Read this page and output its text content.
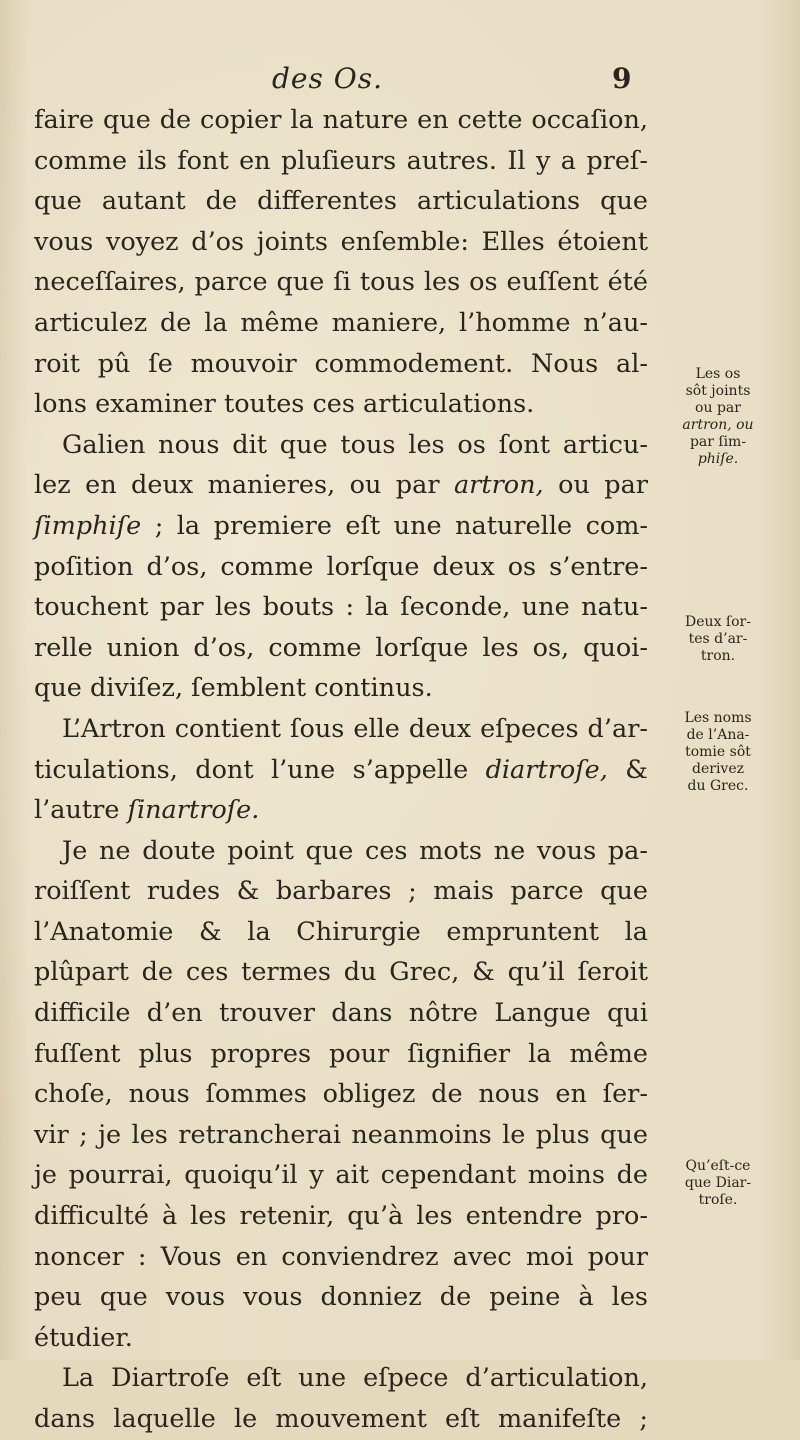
des Os.	9
faire que de copier la nature en cette occaſion,
comme ils font en pluſieurs autres. Il y a preſ-
que autant de differentes articulations que
vous voyez d’os joints enſemble: Elles étoient
neceſſaires, parce que ſi tous les os euſſent été
articulez de la même maniere, l’homme n’au-
roit pû ſe mouvoir commodement. Nous al-
lons examiner toutes ces articulations.
Galien nous dit que tous les os ſont articu-
lez en deux manieres, ou par artron, ou par
ſimphiſe ; la premiere eſt une naturelle com-
poſition d’os, comme lorſque deux os s’entre-
touchent par les bouts : la ſeconde, une natu-
relle union d’os, comme lorſque les os, quoi-
que diviſez, ſemblent continus.
L’Artron contient ſous elle deux eſpeces d’ar-
ticulations, dont l’une s’appelle diartroſe, &
l’autre ſinartroſe.
Je ne doute point que ces mots ne vous pa-
roiſſent rudes & barbares ; mais parce que
l’Anatomie & la Chirurgie empruntent la
plûpart de ces termes du Grec, & qu’il ſeroit
difficile d’en trouver dans nôtre Langue qui
fuſſent plus propres pour ſignifier la même
choſe, nous ſommes obligez de nous en ſer-
vir ; je les retrancherai neanmoins le plus que
je pourrai, quoiqu’il y ait cependant moins de
difficulté à les retenir, qu’à les entendre pro-
noncer : Vous en conviendrez avec moi pour
peu que vous vous donniez de peine à les
étudier.
La Diartroſe eſt une eſpece d’articulation,
dans laquelle le mouvement eſt manifeſte ;
Les os
sôt joints
ou par
artron, ou
par ſim-
phiſe.
Deux ſor-
tes d’ar-
tron.
Les noms
de l’Ana-
tomie sôt
derivez
du Grec.
Qu’eſt-ce
que Diar-
troſe.
